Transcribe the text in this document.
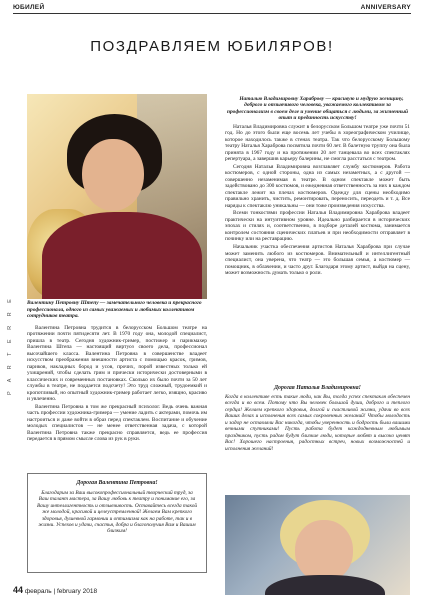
ЮБИЛЕЙ	ANNIVERSARY
ПОЗДРАВЛЯЕМ ЮБИЛЯРОВ!
P A R T E R R E	Валентину Петровну Штепу — замечательного человека и прекрасного профессионала, одного из самых уважаемых и любимых коллективом сотрудников театра.

Валентина Петровна трудится в белорусском Большом театре на протяжении почти пятидесяти лет. В 1970 году она, молодой специалист, пришла в театр. Сегодня художник-гример, постижер и парикмахер Валентина Штепа — настоящий виртуоз своего дела, профессионал высочайшего класса. Валентина Петровна в совершенстве владеет искусством преображения внешности артиста с помощью красок, гримов, париков, накладных бород и усов, прочих, порой известных только ей ухищрений, чтобы сделать грим и прически исторически достоверными в классических и современных постановках. Сколько их было почти за 50 лет службы в театре, не поддается подсчету! Это труд сложный, трудоемкий и кропотливый, но опытный художник-гример работает легко, изящно, красиво и увлеченно.

Валентина Петровна в том же прекрасный психолог. Ведь очень важная часть профессии художника-гримера — умение ладить с актерами, помочь им настроиться и даже войти в образ перед спектаклем. Воспитание и обучение молодых специалистов — не менее ответственная задача, с которой Валентина Петровна также прекрасно справляется, ведь ее профессия передается в прямом смысле слова из рук в руки.

Дорогая Валентина Петровна!
Благодарим за Ваш высокопрофессиональный творческий труд, за Ваш талант мастера, за Вашу любовь к театру и понимание его, за Вашу интеллигентность и отзывчивость. Оставайтесь всегда такой же молодой, красивой и целеустремленной! Желаем Вам крепкого здоровья, душевной гармонии и оптимизма как на работе, так и в жизни. Успехов и удачи, счастья, добра и благополучия Вам и Вашим близким!

Наталью Владимировну Хараброву — красивую и мудрую женщину, доброго и отзывчивого человека, уважаемого коллективом за профессионализм в своем деле и умение общаться с людьми, за жизненный опыт и преданность искусству!

Наталья Владимировна служит в белорусском Большом театре уже почти 51 год. Но до этого были еще восемь лет учебы в хореографическом училище, которое находилось также в стенах театра. Так что белорусскому Большому театру Наталья Хараброва посвятила почти 60 лет. В балетную труппу она была принята в 1967 году и на протяжении 20 лет танцевала во всех спектаклях репертуара, а завершив карьеру балерины, не смогла расстаться с театром.

Сегодня Наталья Владимировна возглавляет службу костюмеров. Работа костюмеров, с одной стороны, одна из самых незаметных, а с другой — совершенно незаменимая в театре. В одном спектакле может быть задействовано до 300 костюмов, и ежедневная ответственность за них в каждом спектакле лежит на плечах костюмеров. Одежду для сцены необходимо правильно хранить, чистить, ремонтировать, переносить, переодеть и т. д. Все наряды к спектаклю уникальны — они тоже произведения искусства.

Всеми тонкостями профессии Наталья Владимировна Хараброва владеет практически на интуитивном уровне. Идеально разбирается в исторических эпохах и стилях и, соответственно, в подборе деталей костюма, занимается контролем состояния сценических платьев и при необходимости отправляет в починку или на реставрацию.

Начальник участка обеспечения артистов Наталья Хараброва при случае может заменить любого из костюмеров. Внимательный и интеллигентный специалист, она уверена, что театр — это большая семья, а костюмер — помощник, в облачении, и часто друг. Благодаря этому артист, выйдя на сцену, может возможность думать только о роли.

Дорогая Наталья Владимировна!
Когда в коллективе есть такие люди, как Вы, тогда успех спектакля обеспечен всегда и во всем. Потому что Вы человек большой души, доброго и теплого сердца! Желаем крепкого здоровья, долгой и счастливой жизни, удачи во всех Ваших делах и исполнения всех самых сокровенных желаний! Чтобы молодость и задор не оставляли Вас никогда, чтобы уверенность и бодрость были вашими вечными спутниками! Пусть работа будет каждодневным любимым праздником, пусть радом будут близкие люди, которые любят и высоко ценят Вас! Хорошего настроения, радостных встреч, новых возможностей и исполнения желаний!
44 февраль | february 2018
